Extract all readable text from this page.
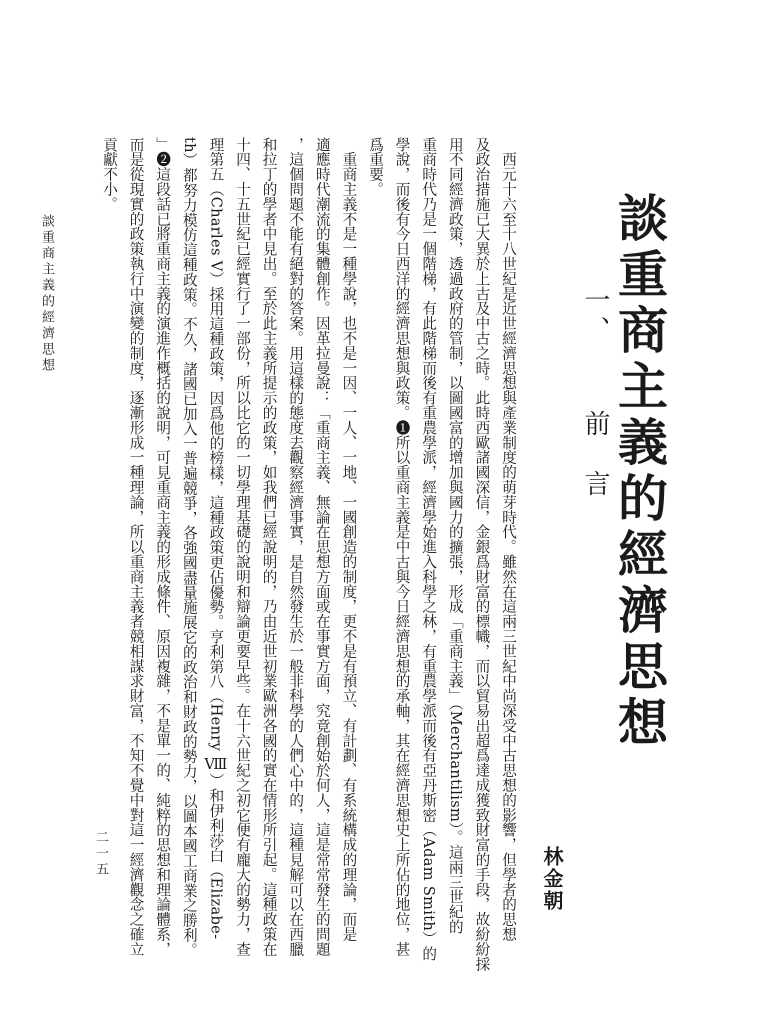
談重商主義的經濟思想
一、前　言
林金朝
　西元十六至十八世紀是近世經濟思想與產業制度的萌芽時代。雖然在這兩三世紀中尚深受中古思想的影響，但學者的思想
及政治措施已大異於上古及中古之時。此時西歐諸國深信，金銀爲財富的標幟，而以貿易出超爲達成獲致財富的手段，故紛紛採
用不同經濟政策，透過政府的管制，以圖國富的增加與國力的擴張，形成「重商主義」（Merchantilism）。這兩三世紀的
重商時代乃是一個階梯，有此階梯而後有重農學派，經濟學始進入科學之林，有重農學派而後有亞丹斯密（Adam Smith）的
學說，而後有今日西洋的經濟思想與政策。❶所以重商主義是中古與今日經濟思想的承軸，其在經濟思想史上所佔的地位，甚
爲重要。
　重商主義不是一種學說，也不是一因、一人、一地、一國創造的制度，更不是有預立、有計劃、有系統構成的理論，而是
適應時代潮流的集體創作。因革拉曼說：「重商主義、無論在思想方面或在事實方面，究竟創始於何人，這是常常發生的問題
，這個問題不能有絕對的答案。用這樣的態度去觀察經濟事實，是自然發生於一般非科學的人們心中的，這種見解可以在西臘
和拉丁的學者中見出。至於此主義所提示的政策，如我們已經說明的，乃由近世初業歐洲各國的實在情形所引起。這種政策在
十四、十五世紀已經實行了一部份，所以比它的一切學理基礎的說明和辯論更要早些。在十六世紀之初它便有龐大的勢力，查
理第五（Charles V）採用這種政策，因爲他的榜樣，這種政策更佔優勢。亨利第八（Henry Ⅷ）和伊利莎白（Elizabe-
th）都努力模仿這種政策。不久，諸國已加入一普遍競爭，各強國盡量施展它的政治和財政的勢力，以圖本國工商業之勝利。
」❷這段話已將重商主義的演進作概括的說明，可見重商主義的形成條件、原因複雜，不是單一的、純粹的思想和理論體系，
而是從現實的政策執行中演變的制度，逐漸形成一種理論，所以重商主義者競相謀求財富，不知不覺中對這一經濟觀念之確立
貢獻不小。
談重商主義的經濟思想
二一五
